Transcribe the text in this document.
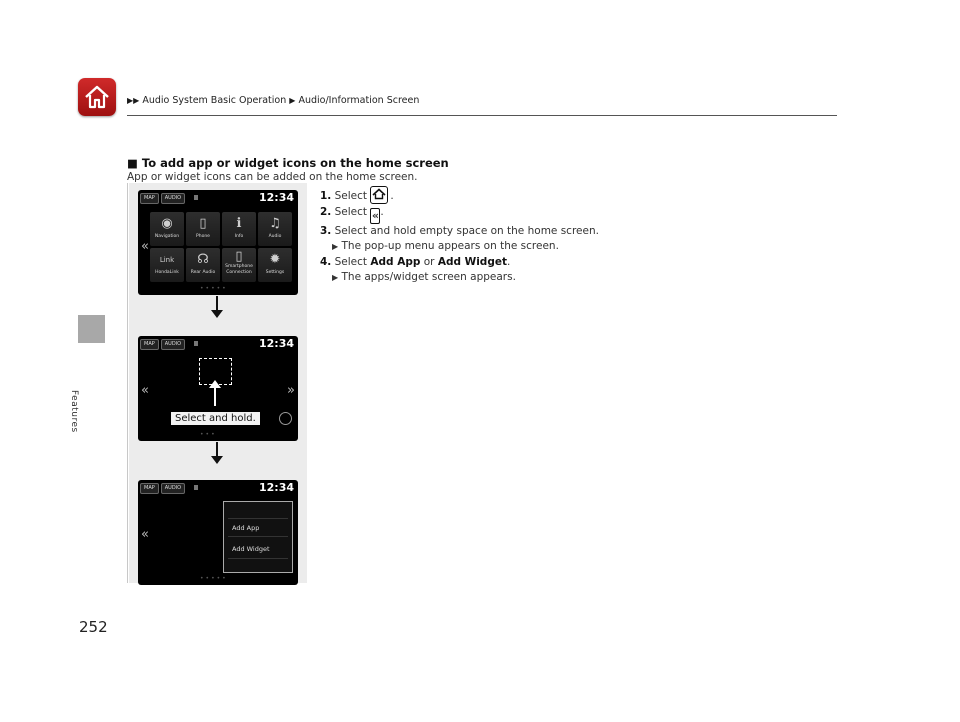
▶▶ Audio System Basic Operation ▶ Audio/Information Screen
Features
■ To add app or widget icons on the home screen
App or widget icons can be added on the home screen.
1. Select .
2. Select «.
3. Select and hold empty space on the home screen.
▶ The pop-up menu appears on the screen.
4. Select Add App or Add Widget.
▶ The apps/widget screen appears.
MAP	AUDIO	12:34
«
◉
Navigation
▯
Phone
ℹ
Info
♫
Audio
Link
HondaLink
☊
Rear Audio
▯
Smartphone Connection
✹
Settings
•••••
MAP	AUDIO	12:34
«	»
Select and hold.
•••
MAP	AUDIO	12:34
«	Add App
Add Widget
•••••
252
